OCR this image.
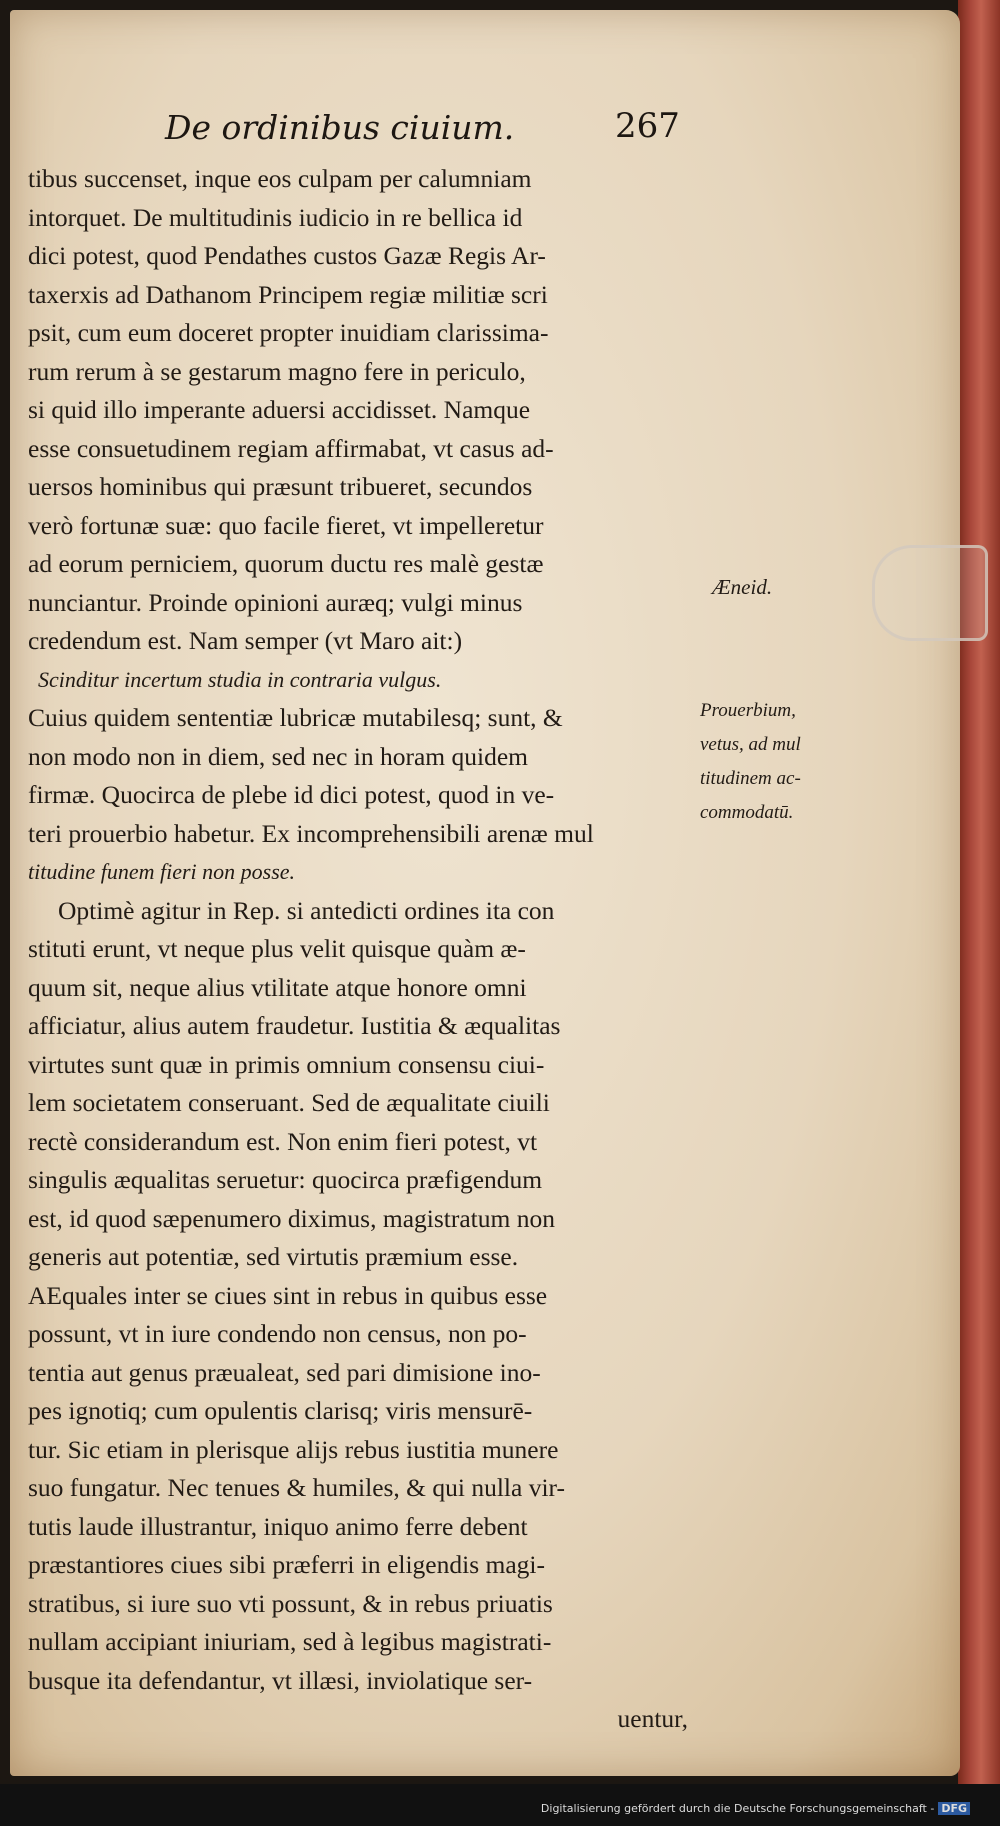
De ordinibus ciuium.	267
tibus succenset, inque eos culpam per calumniam
intorquet. De multitudinis iudicio in re bellica id
dici potest, quod Pendathes custos Gazæ Regis Ar-
taxerxis ad Dathanom Principem regiæ militiæ scri
psit, cum eum doceret propter inuidiam clarissima-
rum rerum à se gestarum magno fere in periculo,
si quid illo imperante aduersi accidisset. Namque
esse consuetudinem regiam affirmabat, vt casus ad-
uersos hominibus qui præsunt tribueret, secundos
verò fortunæ suæ: quo facile fieret, vt impelleretur
ad eorum perniciem, quorum ductu res malè gestæ
nunciantur. Proinde opinioni auræq; vulgi minus
credendum est. Nam semper (vt Maro ait:)
Scinditur incertum studia in contraria vulgus.
Cuius quidem sententiæ lubricæ mutabilesq; sunt, &
non modo non in diem, sed nec in horam quidem
firmæ. Quocirca de plebe id dici potest, quod in ve-
teri prouerbio habetur. Ex incomprehensibili arenæ mul
titudine funem fieri non posse.
Optimè agitur in Rep. si antedicti ordines ita con
stituti erunt, vt neque plus velit quisque quàm æ-
quum sit, neque alius vtilitate atque honore omni
afficiatur, alius autem fraudetur. Iustitia & æqualitas
virtutes sunt quæ in primis omnium consensu ciui-
lem societatem conseruant. Sed de æqualitate ciuili
rectè considerandum est. Non enim fieri potest, vt
singulis æqualitas seruetur: quocirca præfigendum
est, id quod sæpenumero diximus, magistratum non
generis aut potentiæ, sed virtutis præmium esse.
AEquales inter se ciues sint in rebus in quibus esse
possunt, vt in iure condendo non census, non po-
tentia aut genus præualeat, sed pari dimisione ino-
pes ignotiq; cum opulentis clarisq; viris mensurē-
tur. Sic etiam in plerisque alijs rebus iustitia munere
suo fungatur. Nec tenues & humiles, & qui nulla vir-
tutis laude illustrantur, iniquo animo ferre debent
præstantiores ciues sibi præferri in eligendis magi-
stratibus, si iure suo vti possunt, & in rebus priuatis
nullam accipiant iniuriam, sed à legibus magistrati-
busque ita defendantur, vt illæsi, inviolatique ser-
uentur,
Æneid.
Prouerbium,
vetus, ad mul
titudinem ac-
commodatū.
Digitalisierung gefördert durch die Deutsche Forschungsgemeinschaft - DFG
